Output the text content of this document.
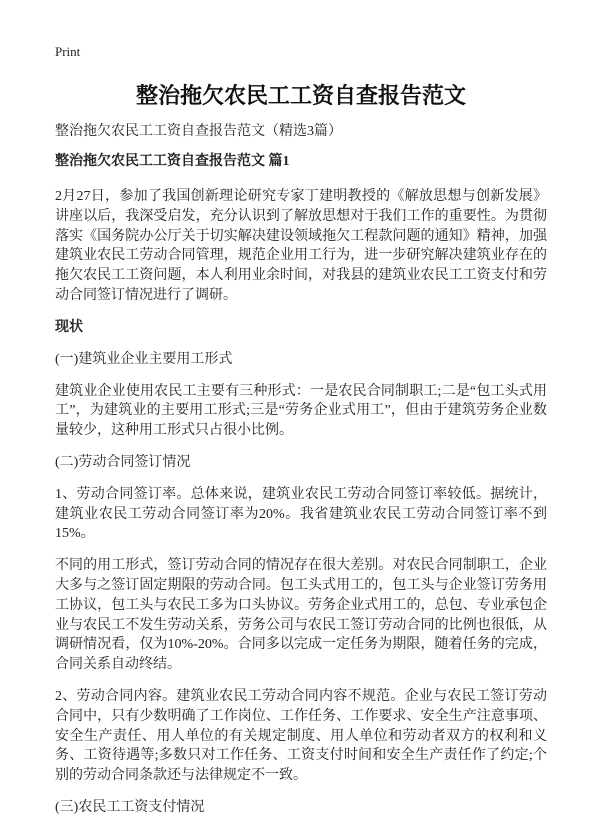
Print
整治拖欠农民工工资自查报告范文
整治拖欠农民工工资自查报告范文（精选3篇）
整治拖欠农民工工资自查报告范文 篇1

2月27日，参加了我国创新理论研究专家丁建明教授的《解放思想与创新发展》讲座以后，我深受启发，充分认识到了解放思想对于我们工作的重要性。为贯彻落实《国务院办公厅关于切实解决建设领域拖欠工程款问题的通知》精神，加强建筑业农民工劳动合同管理，规范企业用工行为，进一步研究解决建筑业存在的拖欠农民工工资问题，本人利用业余时间，对我县的建筑业农民工工资支付和劳动合同签订情况进行了调研。

现状

(一)建筑业企业主要用工形式

建筑业企业使用农民工主要有三种形式：一是农民合同制职工;二是“包工头式用工”，为建筑业的主要用工形式;三是“劳务企业式用工”，但由于建筑劳务企业数量较少，这种用工形式只占很小比例。

(二)劳动合同签订情况

1、劳动合同签订率。总体来说，建筑业农民工劳动合同签订率较低。据统计，建筑业农民工劳动合同签订率为20%。我省建筑业农民工劳动合同签订率不到15%。

不同的用工形式，签订劳动合同的情况存在很大差别。对农民合同制职工，企业大多与之签订固定期限的劳动合同。包工头式用工的，包工头与企业签订劳务用工协议，包工头与农民工多为口头协议。劳务企业式用工的，总包、专业承包企业与农民工不发生劳动关系，劳务公司与农民工签订劳动合同的比例也很低，从调研情况看，仅为10%-20%。合同多以完成一定任务为期限，随着任务的完成，合同关系自动终结。

2、劳动合同内容。建筑业农民工劳动合同内容不规范。企业与农民工签订劳动合同中，只有少数明确了工作岗位、工作任务、工作要求、安全生产注意事项、安全生产责任、用人单位的有关规定制度、用人单位和劳动者双方的权利和义务、工资待遇等;多数只对工作任务、工资支付时间和安全生产责任作了约定;个别的劳动合同条款还与法律规定不一致。

(三)农民工工资支付情况
